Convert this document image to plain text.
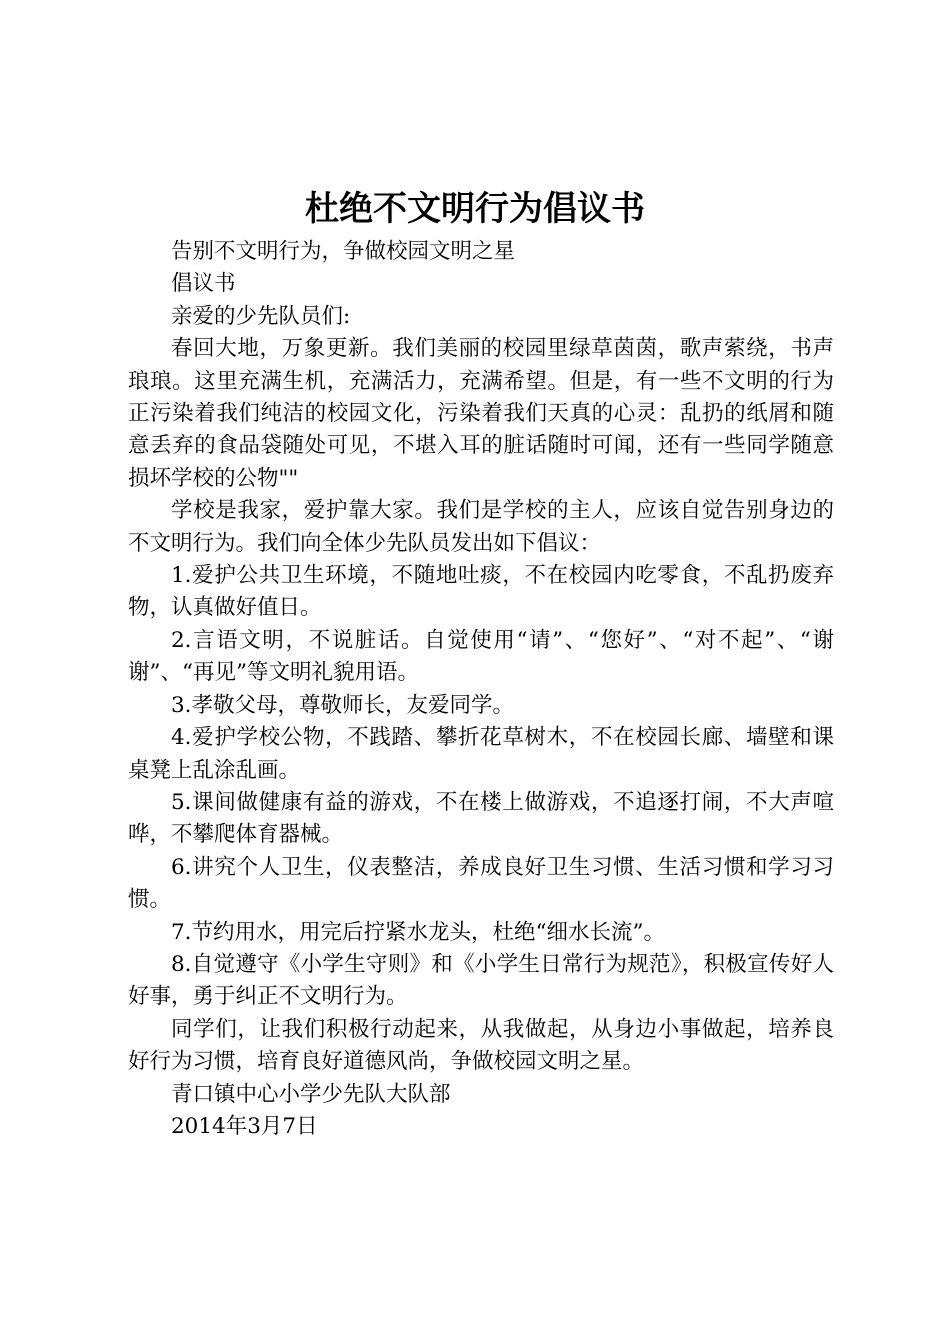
杜绝不文明行为倡议书

告别不文明行为，争做校园文明之星

倡议书

亲爱的少先队员们:

春回大地，万象更新。我们美丽的校园里绿草茵茵，歌声萦绕，书声琅琅。这里充满生机，充满活力，充满希望。但是，有一些不文明的行为正污染着我们纯洁的校园文化，污染着我们天真的心灵：乱扔的纸屑和随意丢弃的食品袋随处可见，不堪入耳的脏话随时可闻，还有一些同学随意损坏学校的公物""

学校是我家，爱护靠大家。我们是学校的主人，应该自觉告别身边的不文明行为。我们向全体少先队员发出如下倡议：

1.爱护公共卫生环境，不随地吐痰，不在校园内吃零食，不乱扔废弃物，认真做好值日。

2.言语文明，不说脏话。自觉使用“请”、“您好”、“对不起”、“谢谢”、“再见”等文明礼貌用语。

3.孝敬父母，尊敬师长，友爱同学。

4.爱护学校公物，不践踏、攀折花草树木，不在校园长廊、墙壁和课桌凳上乱涂乱画。

5.课间做健康有益的游戏，不在楼上做游戏，不追逐打闹，不大声喧哗，不攀爬体育器械。

6.讲究个人卫生，仪表整洁，养成良好卫生习惯、生活习惯和学习习惯。

7.节约用水，用完后拧紧水龙头，杜绝“细水长流”。

8.自觉遵守《小学生守则》和《小学生日常行为规范》，积极宣传好人好事，勇于纠正不文明行为。

同学们，让我们积极行动起来，从我做起，从身边小事做起，培养良好行为习惯，培育良好道德风尚，争做校园文明之星。

青口镇中心小学少先队大队部

2014年3月7日
